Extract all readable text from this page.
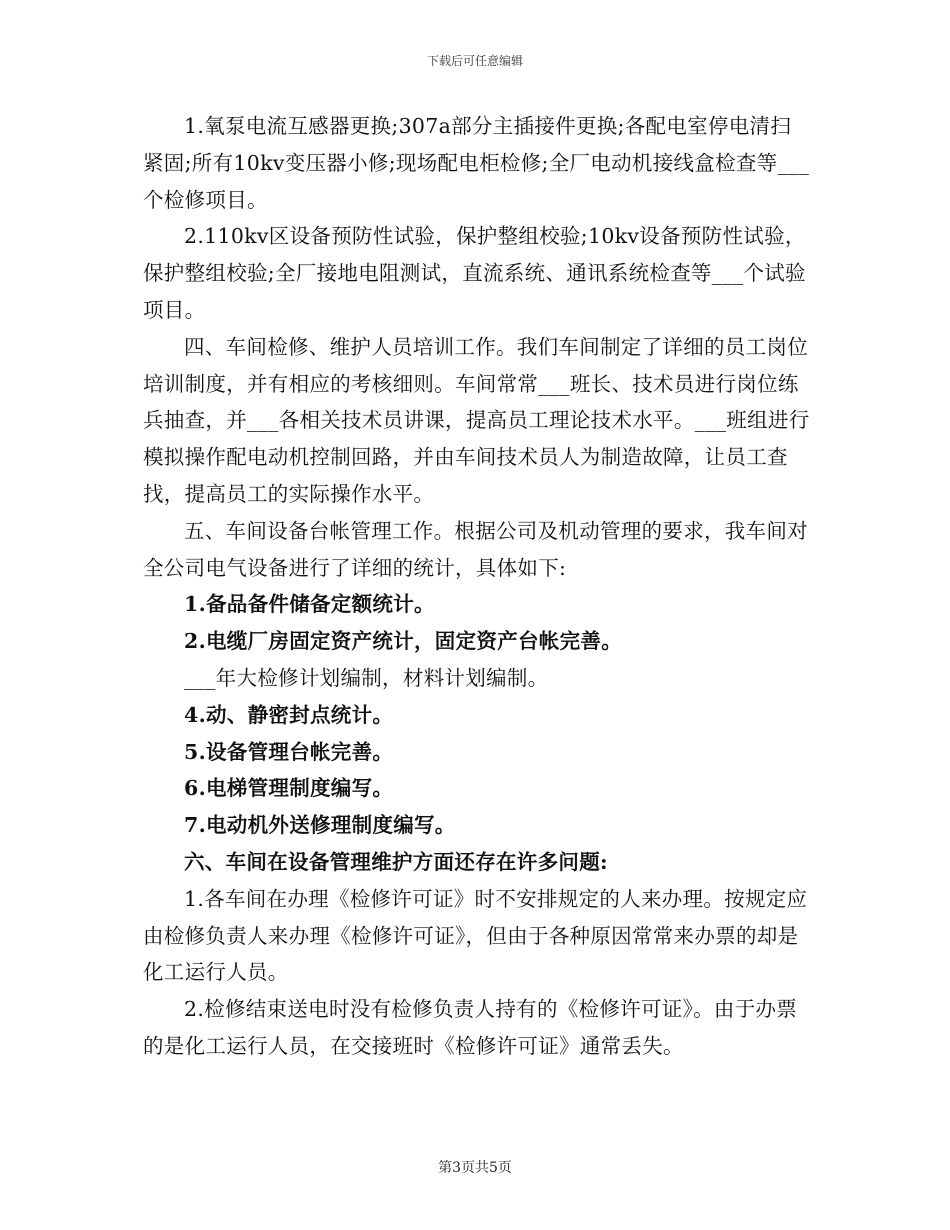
下载后可任意编辑

1.氧泵电流互感器更换;307a部分主插接件更换;各配电室停电清扫紧固;所有10kv变压器小修;现场配电柜检修;全厂电动机接线盒检查等___个检修项目。

2.110kv区设备预防性试验，保护整组校验;10kv设备预防性试验，保护整组校验;全厂接地电阻测试，直流系统、通讯系统检查等___个试验项目。

四、车间检修、维护人员培训工作。我们车间制定了详细的员工岗位培训制度，并有相应的考核细则。车间常常___班长、技术员进行岗位练兵抽查，并___各相关技术员讲课，提高员工理论技术水平。___班组进行模拟操作配电动机控制回路，并由车间技术员人为制造故障，让员工查找，提高员工的实际操作水平。

五、车间设备台帐管理工作。根据公司及机动管理的要求，我车间对全公司电气设备进行了详细的统计，具体如下:

1.备品备件储备定额统计。

2.电缆厂房固定资产统计，固定资产台帐完善。

___年大检修计划编制，材料计划编制。

4.动、静密封点统计。

5.设备管理台帐完善。

6.电梯管理制度编写。

7.电动机外送修理制度编写。

六、车间在设备管理维护方面还存在许多问题:

1.各车间在办理《检修许可证》时不安排规定的人来办理。按规定应由检修负责人来办理《检修许可证》，但由于各种原因常常来办票的却是化工运行人员。

2.检修结束送电时没有检修负责人持有的《检修许可证》。由于办票的是化工运行人员，在交接班时《检修许可证》通常丢失。

第3页共5页
